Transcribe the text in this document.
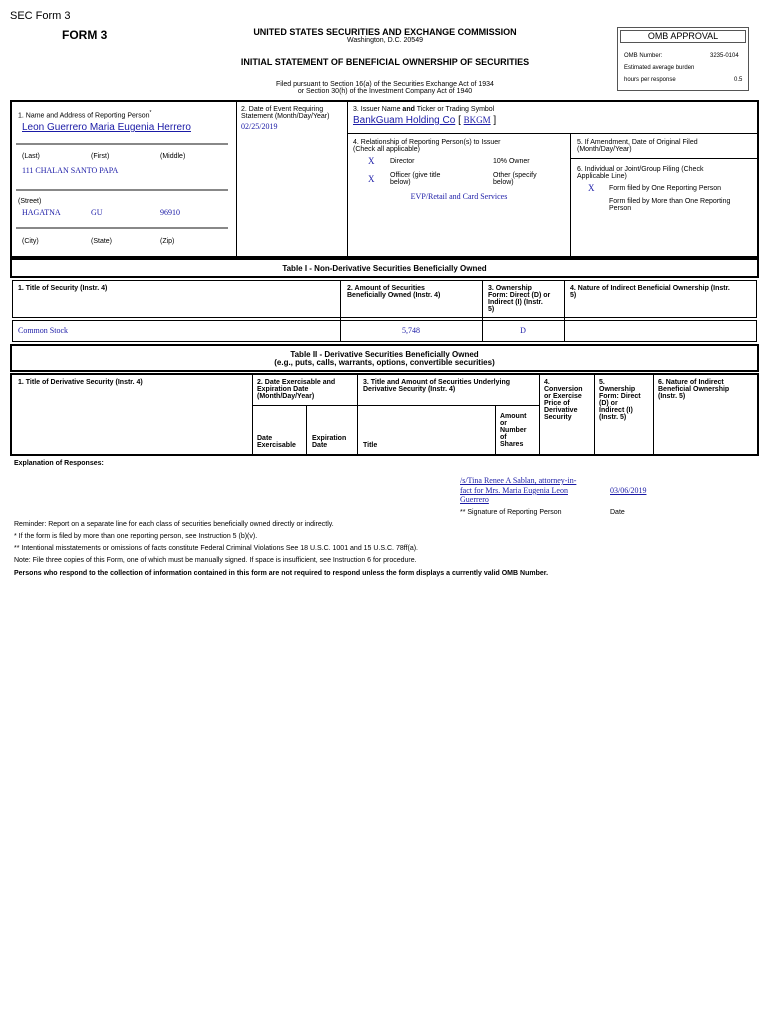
SEC Form 3
FORM 3	UNITED STATES SECURITIES AND EXCHANGE COMMISSION
Washington, D.C. 20549
INITIAL STATEMENT OF BENEFICIAL OWNERSHIP OF SECURITIES
Filed pursuant to Section 16(a) of the Securities Exchange Act of 1934
or Section 30(h) of the Investment Company Act of 1940
OMB APPROVAL
OMB Number:	3235-0104
Estimated average burden
hours per response	0.5
1. Name and Address of Reporting Person*
Leon Guerrero Maria Eugenia Herrero
(Last)	(First)	(Middle)
111 CHALAN SANTO PAPA
(Street)
HAGATNA	GU	96910
(City)	(State)	(Zip)
2. Date of Event Requiring
Statement (Month/Day/Year)
02/25/2019
3. Issuer Name and Ticker or Trading Symbol
BankGuam Holding Co [ BKGM ]
4. Relationship of Reporting Person(s) to Issuer
(Check all applicable)
X Director	10% Owner
X Officer (give title
below)
Other (specify
below)
EVP/Retail and Card Services
5. If Amendment, Date of Original Filed
(Month/Day/Year)
6. Individual or Joint/Group Filing (Check
Applicable Line)
X Form filed by One Reporting Person
Form filed by More than One Reporting
Person
Table I - Non-Derivative Securities Beneficially Owned
1. Title of Security (Instr. 4)	2. Amount of Securities
Beneficially Owned (Instr. 4)
3. Ownership
Form: Direct (D) or
Indirect (I) (Instr.
5)
4. Nature of Indirect Beneficial Ownership (Instr.
5)
Common Stock	5,748	D
Table II - Derivative Securities Beneficially Owned
(e.g., puts, calls, warrants, options, convertible securities)
1. Title of Derivative Security (Instr. 4)	2. Date Exercisable and
Expiration Date
(Month/Day/Year)
3. Title and Amount of Securities Underlying
Derivative Security (Instr. 4)
4.
Conversion
or Exercise
Price of
Derivative
Security
5.
Ownership
Form: Direct
(D) or
Indirect (I)
(Instr. 5)
6. Nature of Indirect
Beneficial Ownership
(Instr. 5)
Date
Exercisable
Expiration
Date	Title
Amount
or
Number
of
Shares
Explanation of Responses:
/s/Tina Renee A Sablan, attorney-in-
fact for Mrs. Maria Eugenia Leon
Guerrero
03/06/2019
** Signature of Reporting Person	Date
Reminder: Report on a separate line for each class of securities beneficially owned directly or indirectly.
* If the form is filed by more than one reporting person, see Instruction 5 (b)(v).
** Intentional misstatements or omissions of facts constitute Federal Criminal Violations See 18 U.S.C. 1001 and 15 U.S.C. 78ff(a).
Note: File three copies of this Form, one of which must be manually signed. If space is insufficient, see Instruction 6 for procedure.
Persons who respond to the collection of information contained in this form are not required to respond unless the form displays a currently valid OMB Number.
